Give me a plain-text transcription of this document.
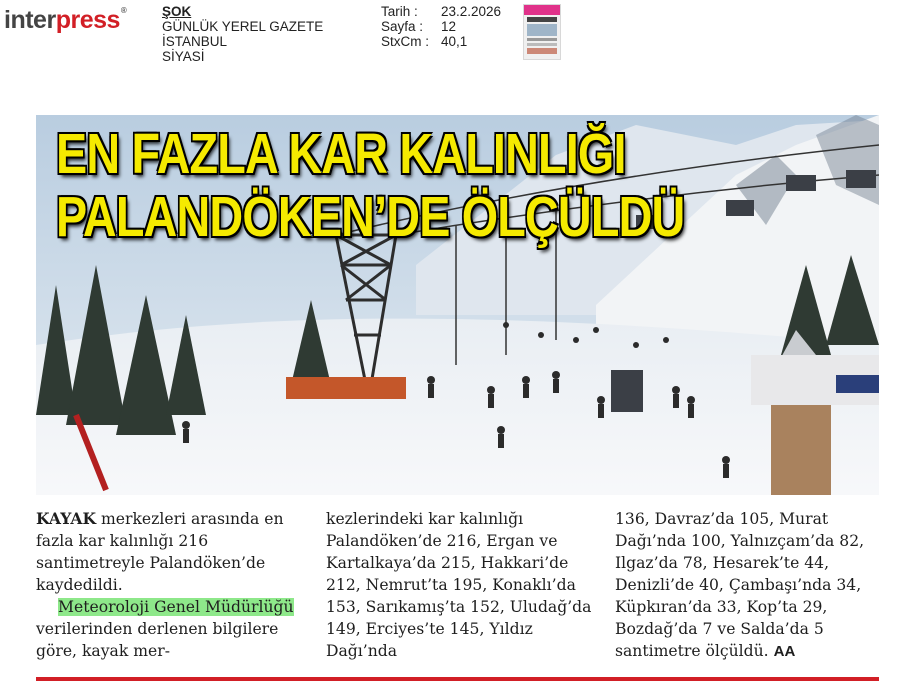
interpress®	ŞOK
GÜNLÜK YEREL GAZETE
İSTANBUL
SİYASİ
Tarih :	23.2.2026
Sayfa :	12
StxCm : 40,1
EN FAZLA KAR KALINLIĞI
PALANDÖKEN’DE ÖLÇÜLDÜ

KAYAK merkezleri arasında en fazla kar kalınlığı 216 santimetreyle Palandöken’de kaydedildi.

Meteoroloji Genel Müdürlüğü verilerinden derlenen bilgilere göre, kayak mer-

kezlerindeki kar kalınlığı Palandöken’de 216, Ergan ve Kartalkaya’da 215, Hakkari’de 212, Nemrut’ta 195, Konaklı’da 153, Sarıkamış’ta 152, Uludağ’da 149, Erciyes’te 145, Yıldız Dağı’nda

136, Davraz’da 105, Murat Dağı’nda 100, Yalnızçam’da 82, Ilgaz’da 78, Hesarek’te 44, Denizli’de 40, Çambaşı’nda 34, Küpkıran’da 33, Kop’ta 29, Bozdağ’da 7 ve Salda’da 5 santimetre ölçüldü. AA
